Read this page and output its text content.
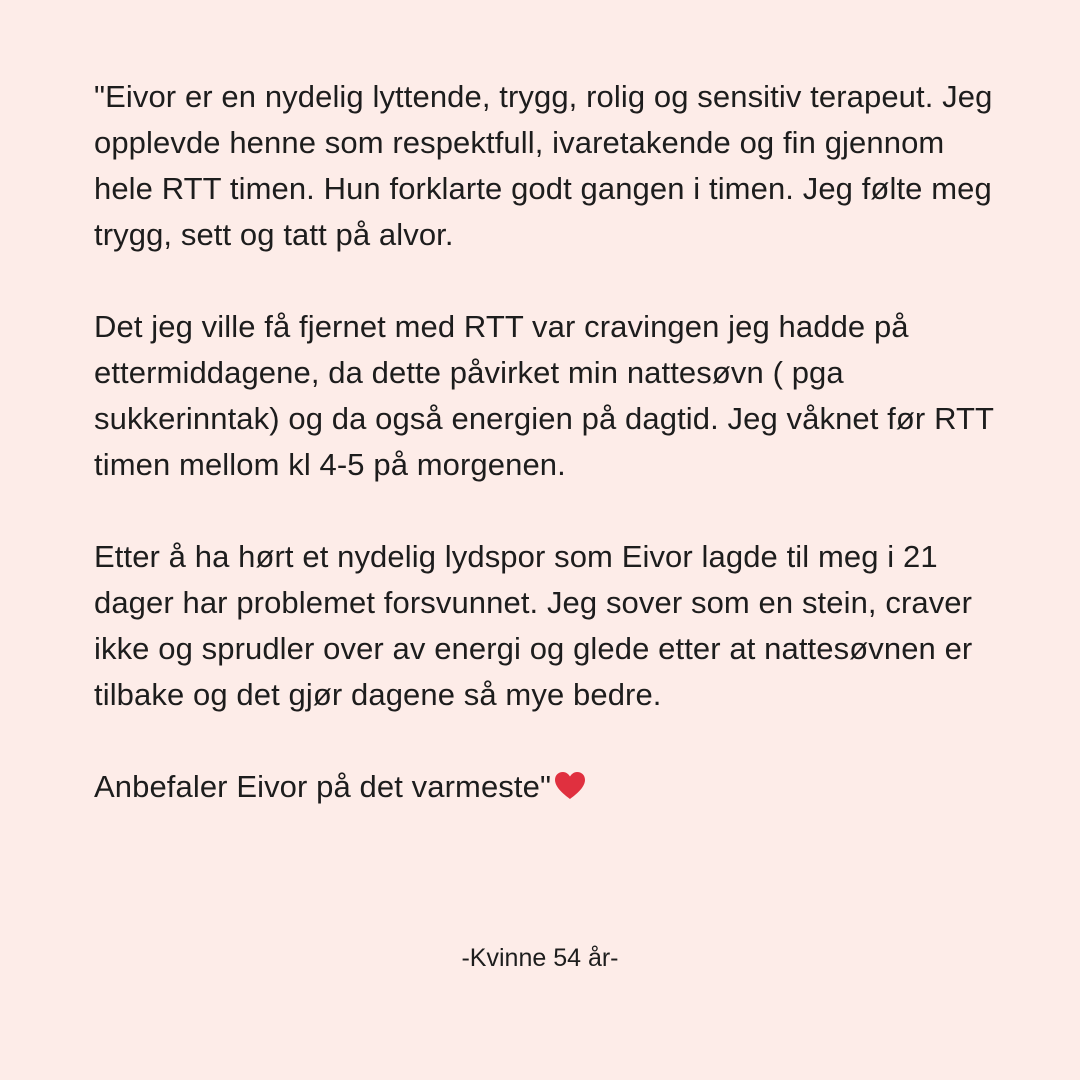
"Eivor er en nydelig lyttende, trygg, rolig og sensitiv terapeut. Jeg opplevde henne som respektfull, ivaretakende og fin gjennom hele RTT timen. Hun forklarte godt gangen i timen. Jeg følte meg trygg, sett og tatt på alvor.

Det jeg ville få fjernet med RTT var cravingen jeg hadde på ettermiddagene, da dette påvirket min nattesøvn ( pga sukkerinntak) og da også energien på dagtid. Jeg våknet før RTT timen mellom kl 4-5 på morgenen.

Etter å ha hørt et nydelig lydspor som Eivor lagde til meg i 21 dager har problemet forsvunnet. Jeg sover som en stein, craver ikke og sprudler over av energi og glede etter at nattesøvnen er tilbake og det gjør dagene så mye bedre.

Anbefaler Eivor på det varmeste"

-Kvinne 54 år-
